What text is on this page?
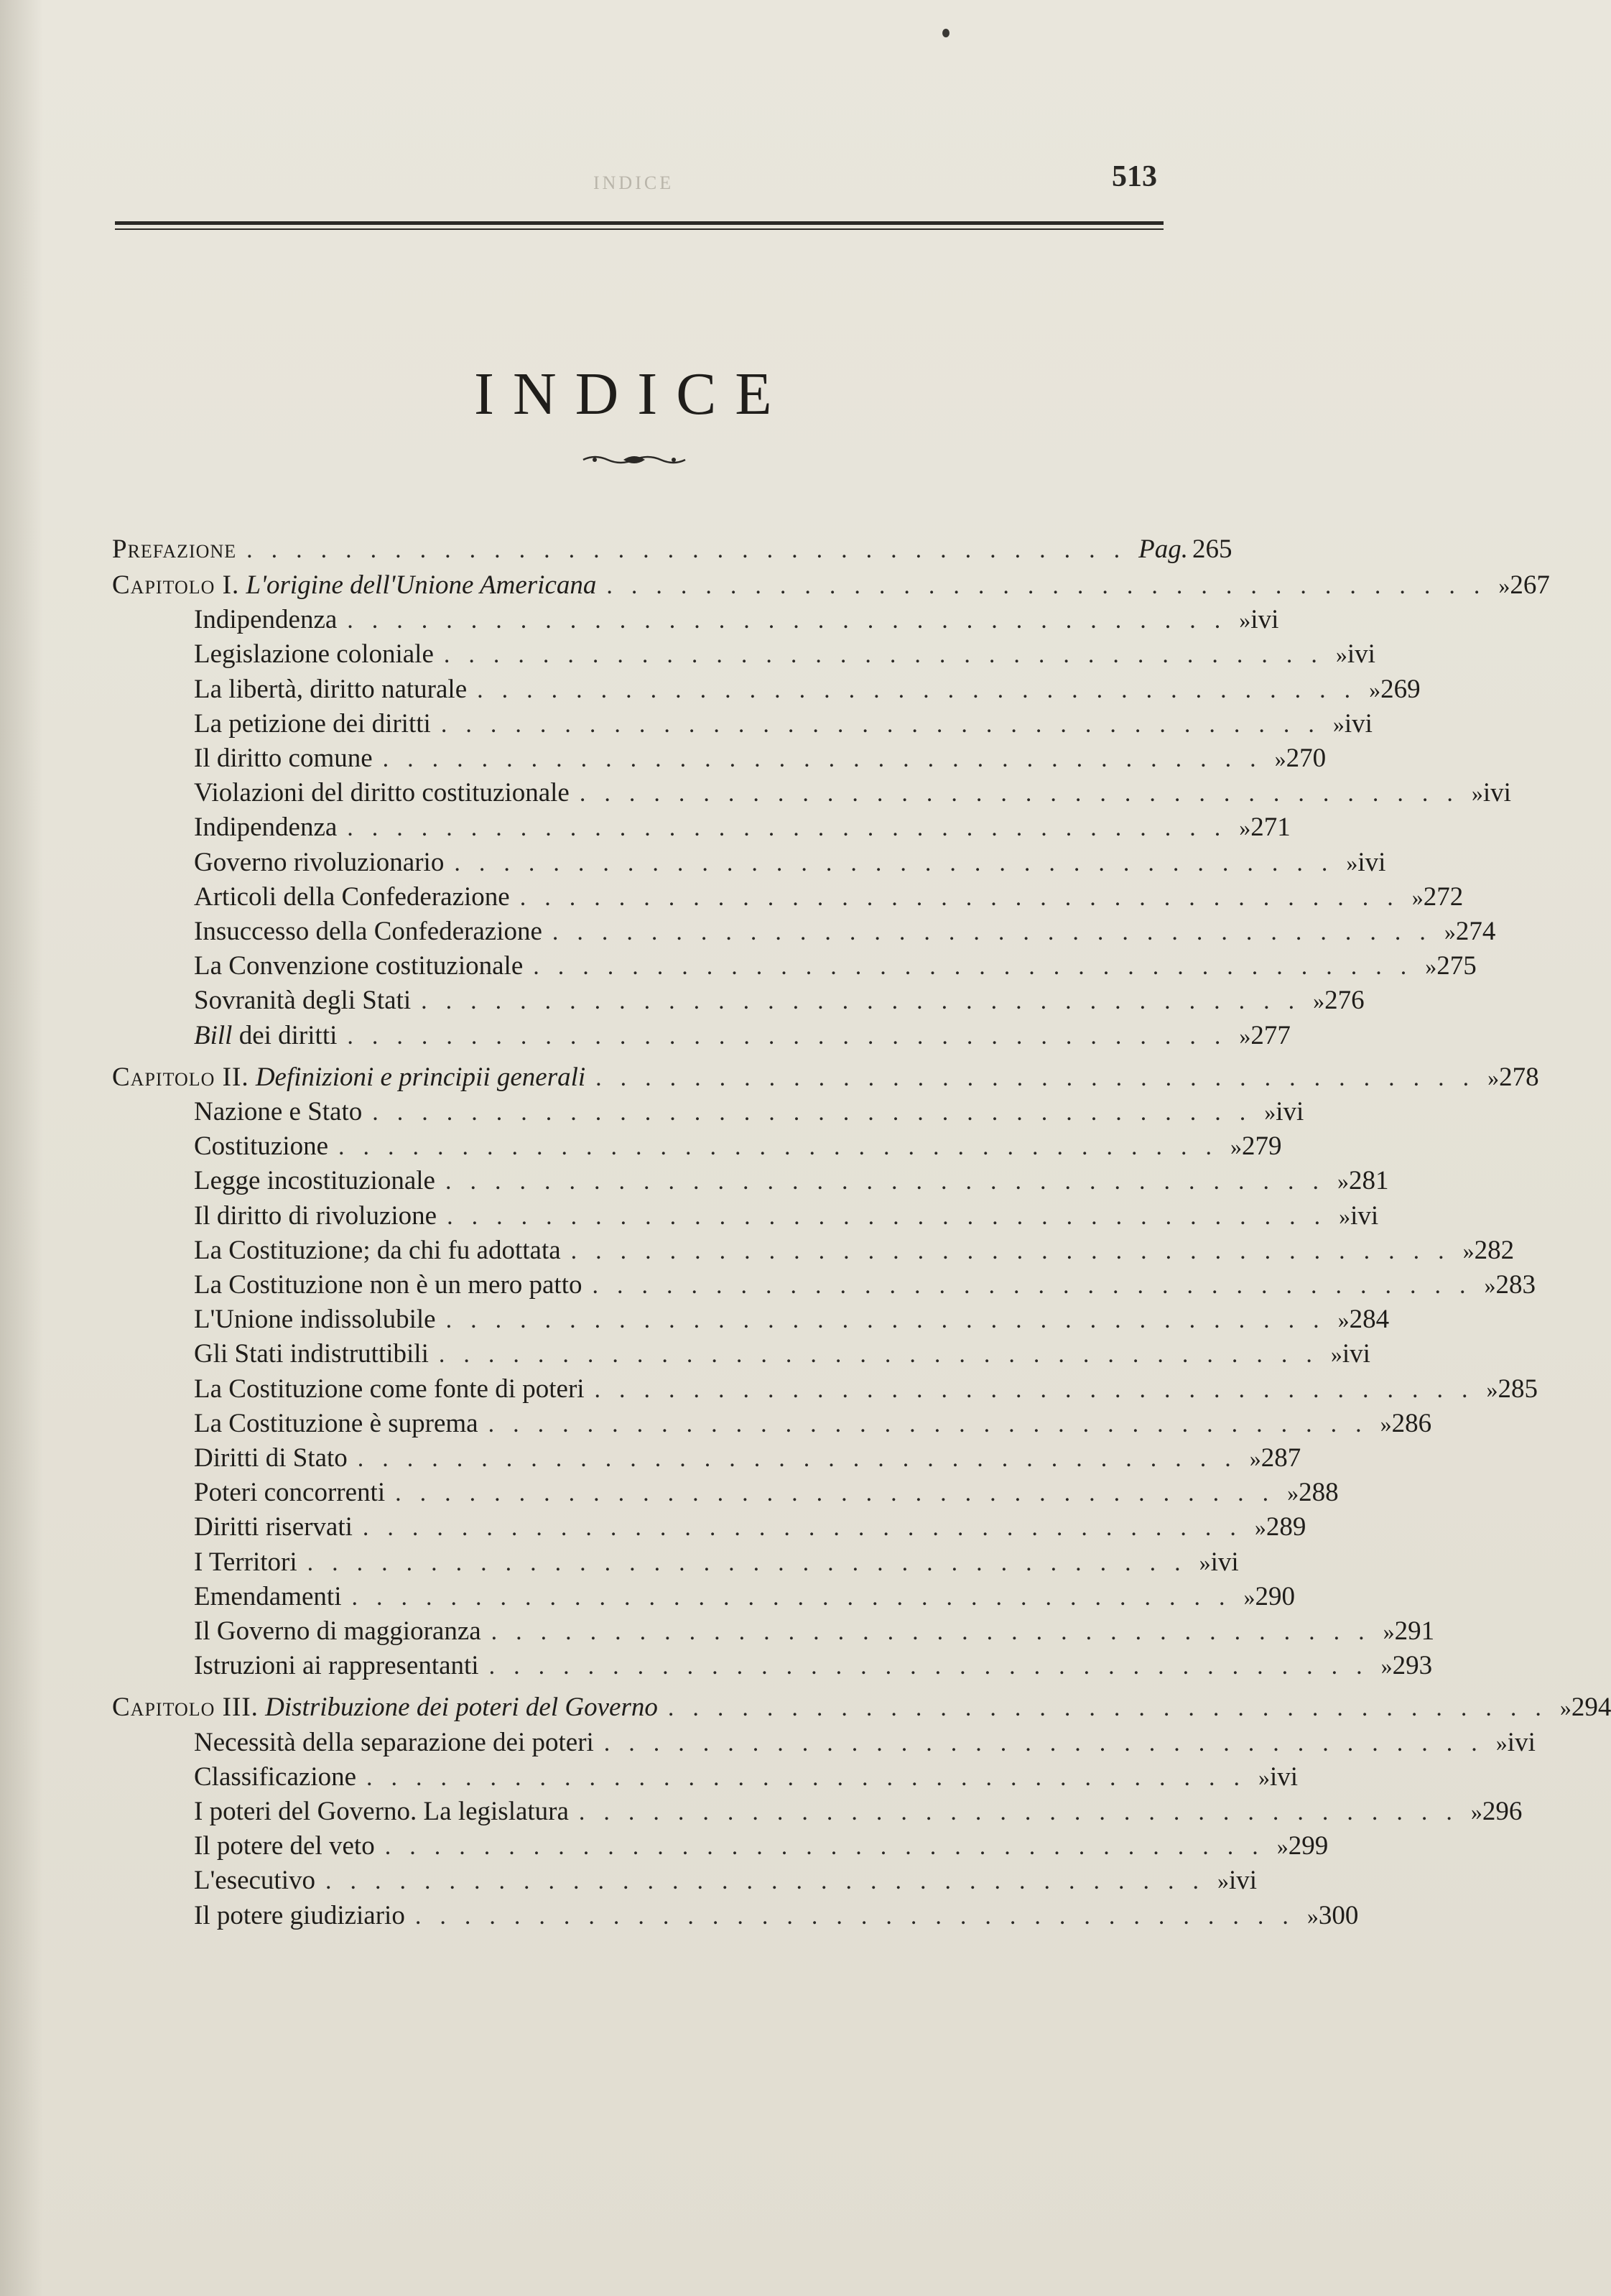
INDICE	513
INDICE
Prefazione .................................... Pag. 265
Capitolo I. L'origine dell'Unione Americana .................................... » 267
Indipendenza .................................... » ivi
Legislazione coloniale .................................... » ivi
La libertà, diritto naturale .................................... » 269
La petizione dei diritti .................................... » ivi
Il diritto comune .................................... » 270
Violazioni del diritto costituzionale .................................... » ivi
Indipendenza .................................... » 271
Governo rivoluzionario .................................... » ivi
Articoli della Confederazione .................................... » 272
Insuccesso della Confederazione .................................... » 274
La Convenzione costituzionale .................................... » 275
Sovranità degli Stati .................................... » 276
Bill dei diritti .................................... » 277
Capitolo II. Definizioni e principii generali .................................... » 278
Nazione e Stato .................................... » ivi
Costituzione .................................... » 279
Legge incostituzionale .................................... » 281
Il diritto di rivoluzione .................................... » ivi
La Costituzione; da chi fu adottata .................................... » 282
La Costituzione non è un mero patto .................................... » 283
L'Unione indissolubile .................................... » 284
Gli Stati indistruttibili .................................... » ivi
La Costituzione come fonte di poteri .................................... » 285
La Costituzione è suprema .................................... » 286
Diritti di Stato .................................... » 287
Poteri concorrenti .................................... » 288
Diritti riservati .................................... » 289
I Territori .................................... » ivi
Emendamenti .................................... » 290
Il Governo di maggioranza .................................... » 291
Istruzioni ai rappresentanti .................................... » 293
Capitolo III. Distribuzione dei poteri del Governo .................................... » 294
Necessità della separazione dei poteri .................................... » ivi
Classificazione .................................... » ivi
I poteri del Governo. La legislatura .................................... » 296
Il potere del veto .................................... » 299
L'esecutivo .................................... » ivi
Il potere giudiziario .................................... » 300
